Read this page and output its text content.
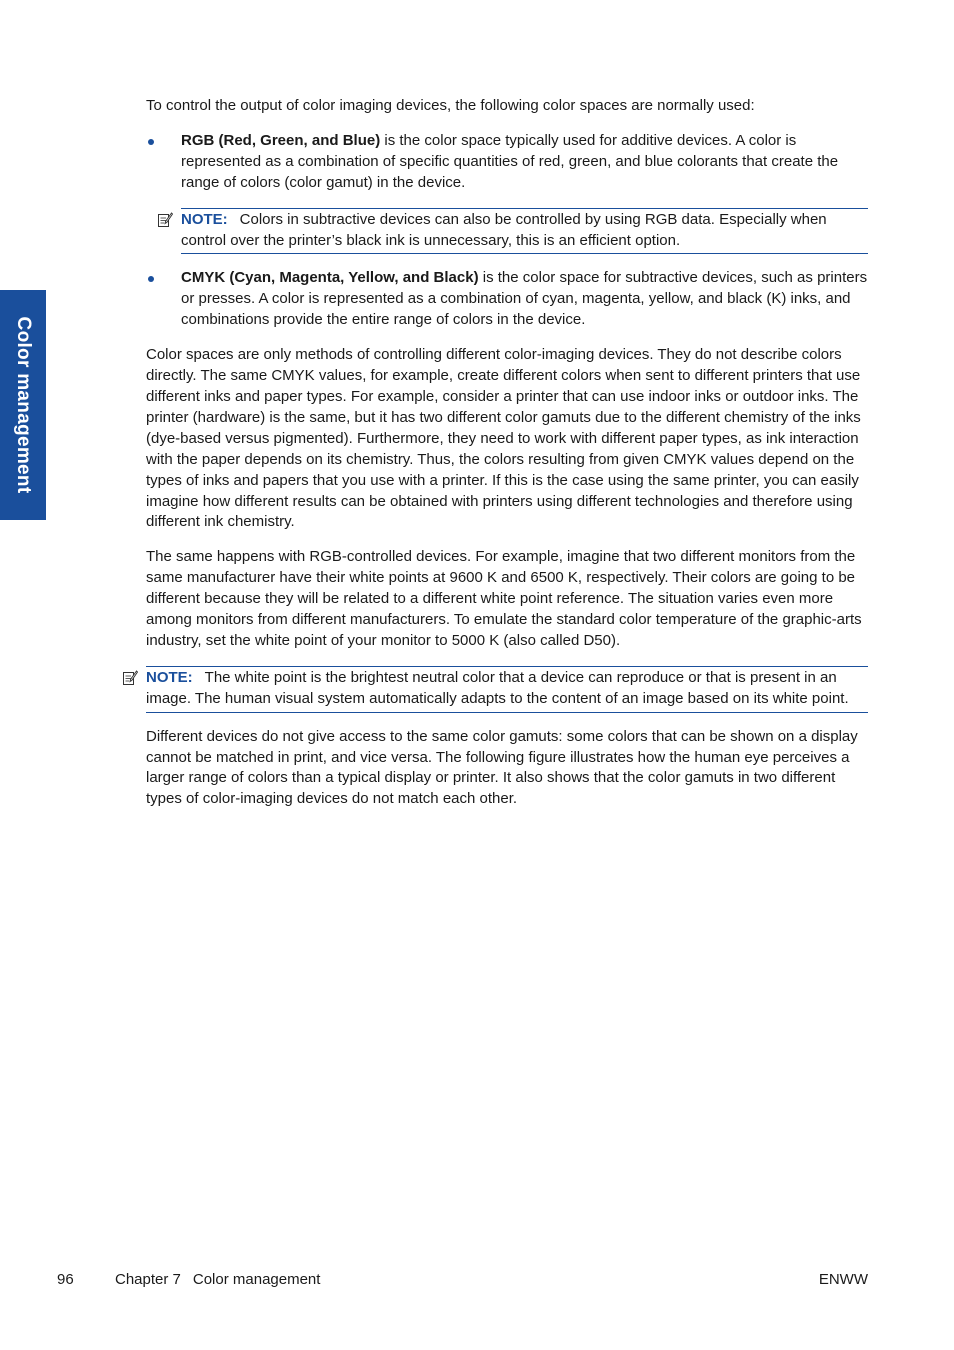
Color management

To control the output of color imaging devices, the following color spaces are normally used:

RGB (Red, Green, and Blue) is the color space typically used for additive devices. A color is represented as a combination of specific quantities of red, green, and blue colorants that create the range of colors (color gamut) in the device.

NOTE: Colors in subtractive devices can also be controlled by using RGB data. Especially when control over the printer’s black ink is unnecessary, this is an efficient option.

CMYK (Cyan, Magenta, Yellow, and Black) is the color space for subtractive devices, such as printers or presses. A color is represented as a combination of cyan, magenta, yellow, and black (K) inks, and combinations provide the entire range of colors in the device.

Color spaces are only methods of controlling different color-imaging devices. They do not describe colors directly. The same CMYK values, for example, create different colors when sent to different printers that use different inks and paper types. For example, consider a printer that can use indoor inks or outdoor inks. The printer (hardware) is the same, but it has two different color gamuts due to the different chemistry of the inks (dye-based versus pigmented). Furthermore, they need to work with different paper types, as ink interaction with the paper depends on its chemistry. Thus, the colors resulting from given CMYK values depend on the types of inks and papers that you use with a printer. If this is the case using the same printer, you can easily imagine how different results can be obtained with printers using different technologies and therefore using different ink chemistry.

The same happens with RGB-controlled devices. For example, imagine that two different monitors from the same manufacturer have their white points at 9600 K and 6500 K, respectively. Their colors are going to be different because they will be related to a different white point reference. The situation varies even more among monitors from different manufacturers. To emulate the standard color temperature of the graphic-arts industry, set the white point of your monitor to 5000 K (also called D50).

NOTE: The white point is the brightest neutral color that a device can reproduce or that is present in an image. The human visual system automatically adapts to the content of an image based on its white point.

Different devices do not give access to the same color gamuts: some colors that can be shown on a display cannot be matched in print, and vice versa. The following figure illustrates how the human eye perceives a larger range of colors than a typical display or printer. It also shows that the color gamuts in two different types of color-imaging devices do not match each other.

96	Chapter 7 Color management	ENWW
